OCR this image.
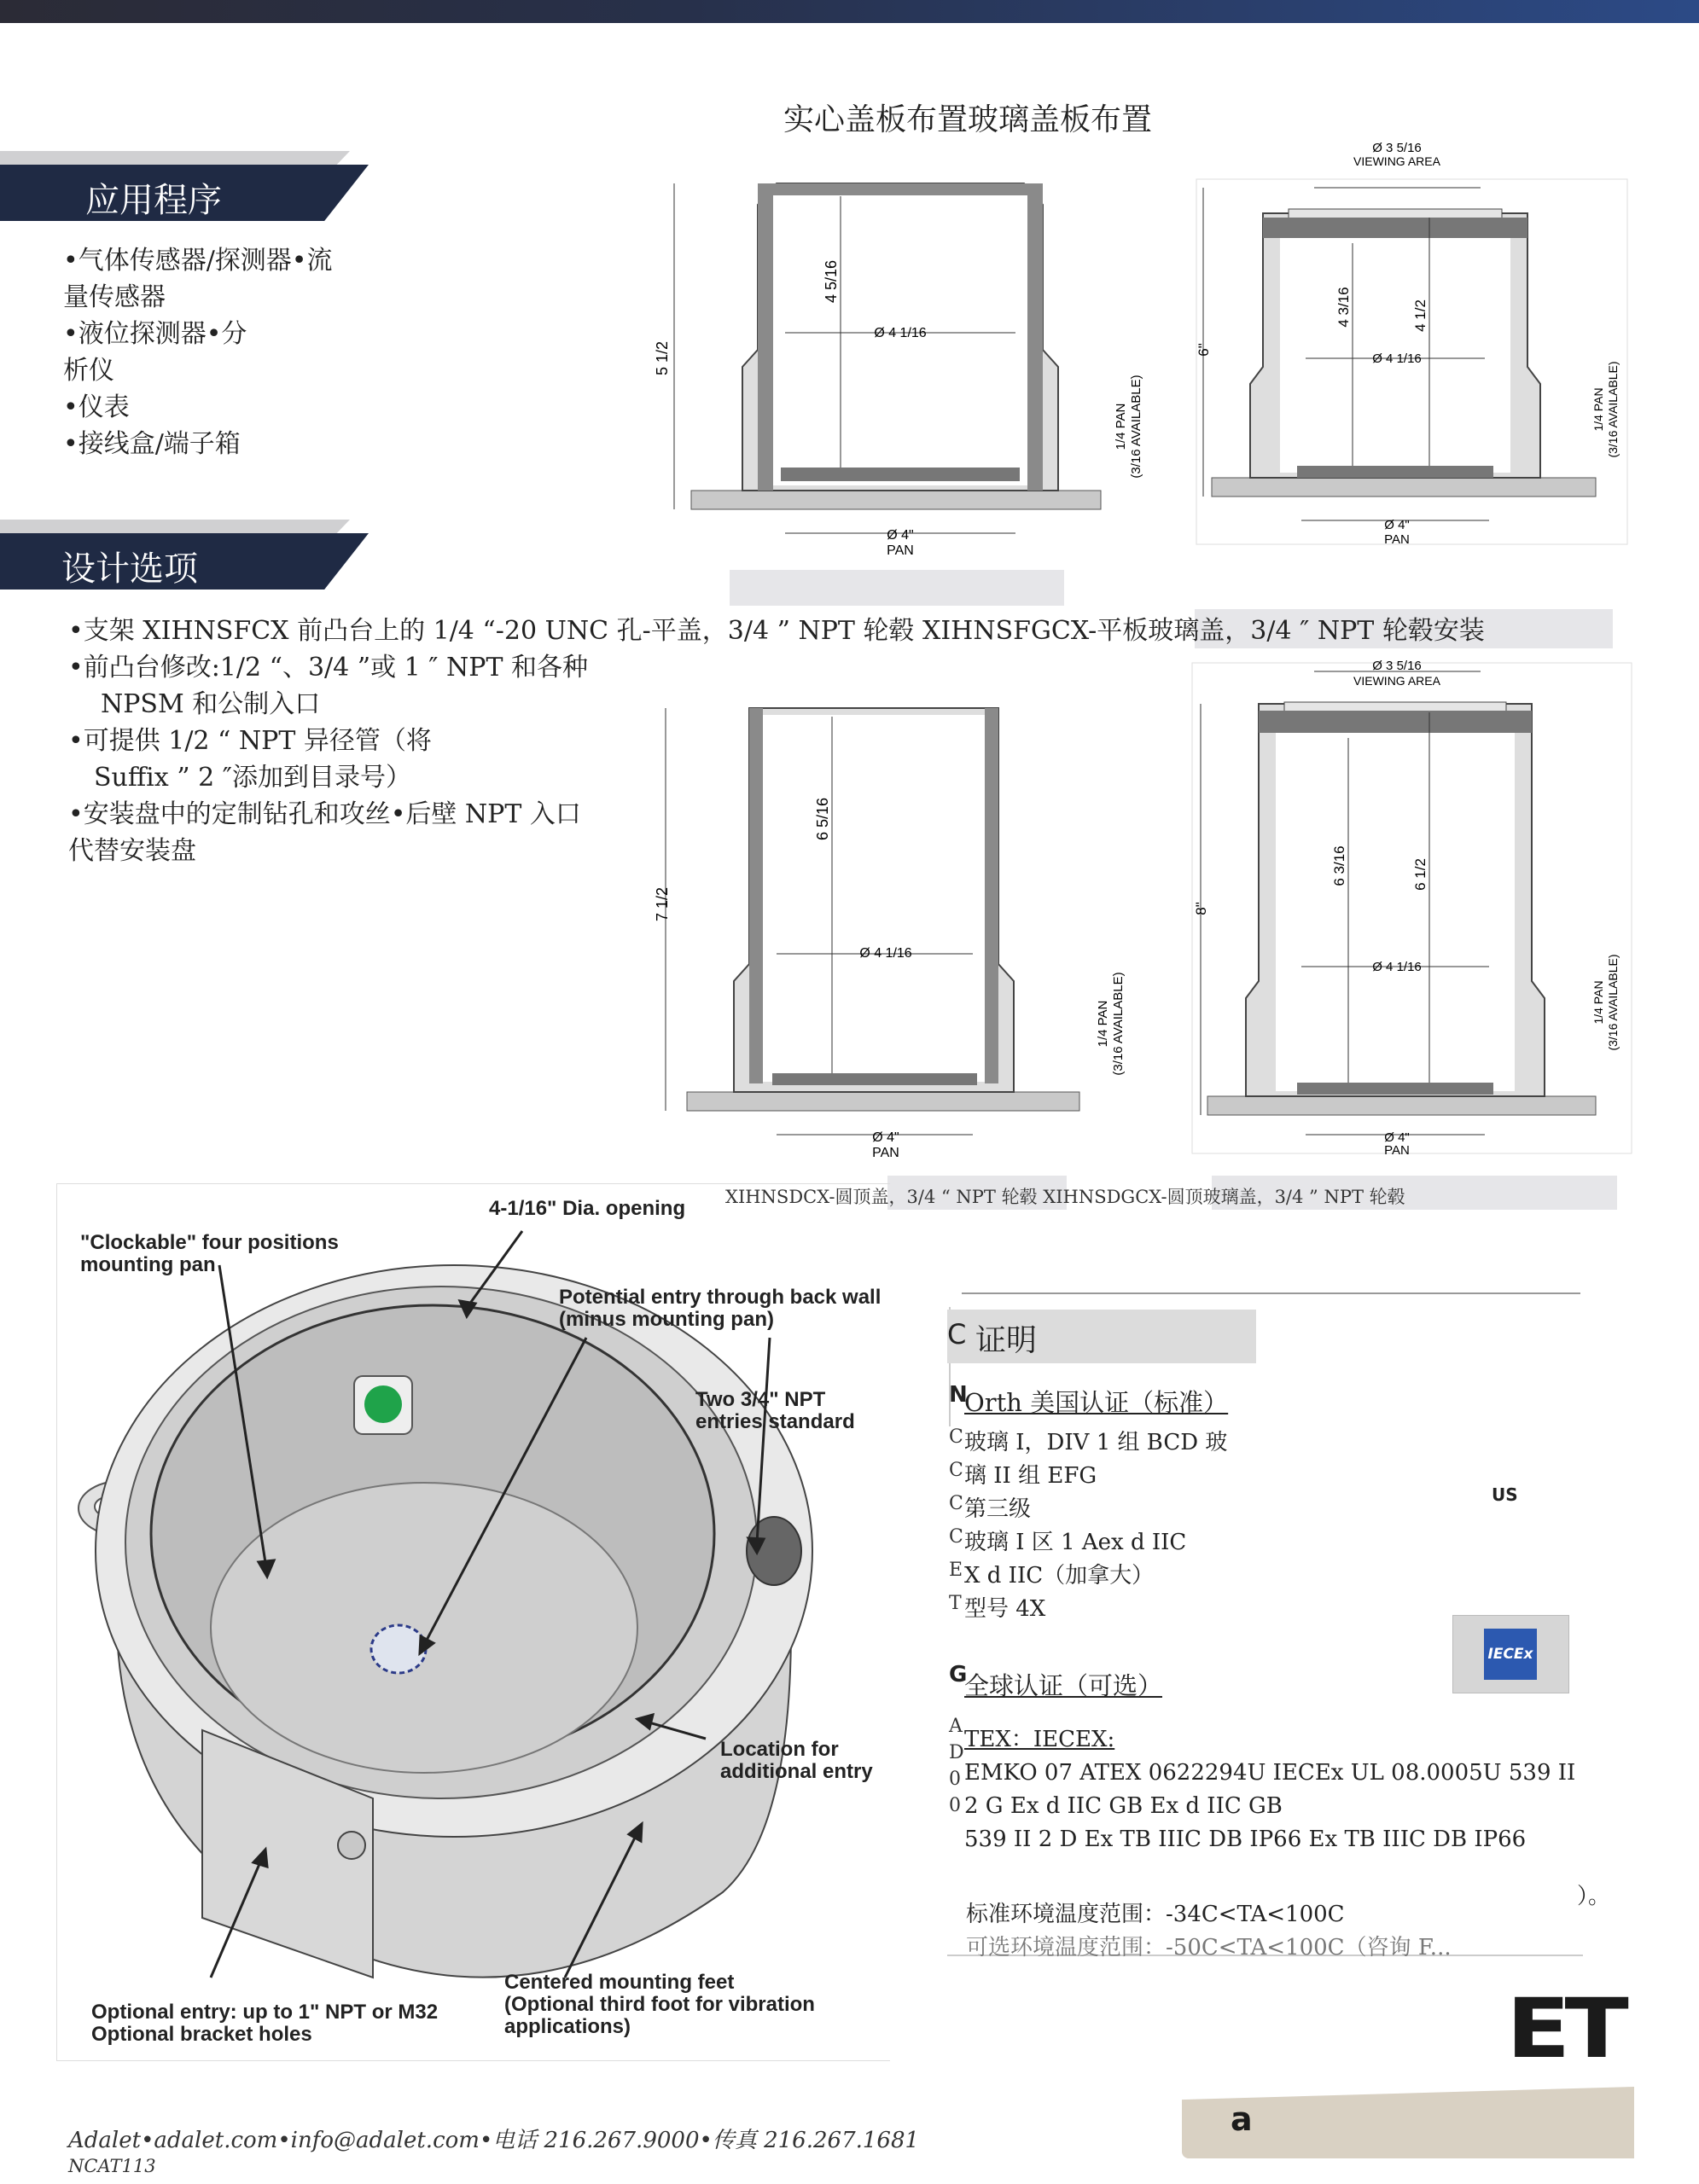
实心盖板布置玻璃盖板布置
应用程序
•气体传感器/探测器•流
量传感器
•液位探测器•分
析仪
•仪表
•接线盒/端子箱
设计选项
•支架 XIHNSFCX 前凸台上的 1/4 “-20 UNC 孔-平盖，3/4 ” NPT 轮毂 XIHNSFGCX-平板玻璃盖，3/4 ″ NPT 轮毂安装
•前凸台修改:1/2 “、3/4 ”或 1 ″ NPT 和各种
NPSM 和公制入口
•可提供 1/2 “ NPT 异径管（将
Suffix ” 2 ″添加到目录号）
•安装盘中的定制钻孔和攻丝•后壁 NPT 入口
代替安装盘
5 1/2
4 5/16
Ø 4 1/16
Ø 4"
PAN
1/4 PAN (3/16 AVAILABLE)
Ø 3 5/16
VIEWING AREA
6"
4 3/16	4 1/2
Ø 4 1/16
Ø 4"
PAN
1/4 PAN (3/16 AVAILABLE)
7 1/2
6 5/16
Ø 4 1/16
Ø 4"
PAN
1/4 PAN (3/16 AVAILABLE)
Ø 3 5/16
VIEWING AREA
8"
6 3/16	6 1/2
Ø 4 1/16
Ø 4"
PAN
1/4 PAN (3/16 AVAILABLE)
XIHNSDCX-圆顶盖，3/4 “ NPT 轮毂 XIHNSDGCX-圆顶玻璃盖，3/4 ” NPT 轮毂
4-1/16" Dia. opening
"Clockable" four positions
mounting pan
Potential entry through back wall
(minus mounting pan)
Two 3/4" NPT
entries standard
Location for
additional entry
Optional entry: up to 1" NPT or M32
Optional bracket holes
Centered mounting feet
(Optional third foot for vibration
applications)
C 证明
N
Orth 美国认证（标准）
C
C
C
C
E
T
玻璃 I，DIV 1 组 BCD 玻
璃 II 组 EFG
第三级
玻璃 I 区 1 Aex d IIC
X d IIC（加拿大）
型号 4X
US
IECEx
G
全球认证（可选）
A
D
0
0
TEX：IECEX:
EMKO 07 ATEX 0622294U IECEx UL 08.0005U 539 II
2 G Ex d IIC GB Ex d IIC GB
539 II 2 D Ex TB IIIC DB IP66 Ex TB IIIC DB IP66
）。
标准环境温度范围：-34C<TA<100C
可选环境温度范围：-50C<TA<100C（咨询 F...
ET
a
Adalet•adalet.com•info@adalet.com•电话 216.267.9000•传真 216.267.1681
NCAT113
